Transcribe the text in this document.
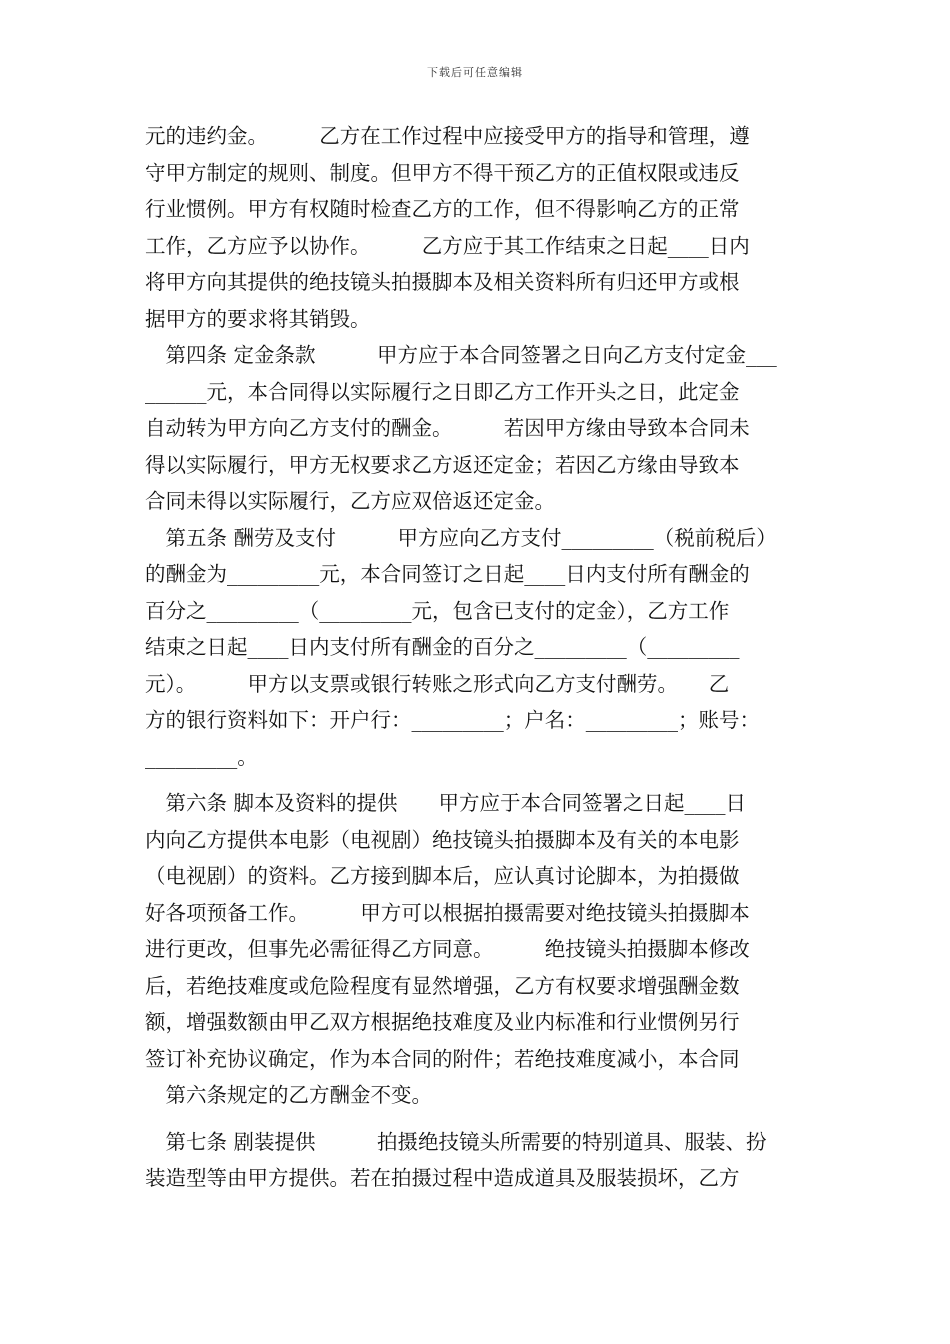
下载后可任意编辑
元的违约金。　　　乙方在工作过程中应接受甲方的指导和管理，遵
守甲方制定的规则、制度。但甲方不得干预乙方的正值权限或违反
行业惯例。甲方有权随时检查乙方的工作，但不得影响乙方的正常
工作，乙方应予以协作。　　　乙方应于其工作结束之日起____日内
将甲方向其提供的绝技镜头拍摄脚本及相关资料所有归还甲方或根
据甲方的要求将其销毁。
　第四条 定金条款　　　甲方应于本合同签署之日向乙方支付定金___
______元，本合同得以实际履行之日即乙方工作开头之日，此定金
自动转为甲方向乙方支付的酬金。　　　若因甲方缘由导致本合同未
得以实际履行，甲方无权要求乙方返还定金；若因乙方缘由导致本
合同未得以实际履行，乙方应双倍返还定金。
　第五条 酬劳及支付　　　甲方应向乙方支付_________（税前税后）
的酬金为_________元，本合同签订之日起____日内支付所有酬金的
百分之_________（_________元，包含已支付的定金），乙方工作
结束之日起____日内支付所有酬金的百分之_________（_________
元）。　　　甲方以支票或银行转账之形式向乙方支付酬劳。　　乙
方的银行资料如下：开户行：_________；户名：_________；账号：
_________。
　第六条 脚本及资料的提供　　甲方应于本合同签署之日起____日
内向乙方提供本电影（电视剧）绝技镜头拍摄脚本及有关的本电影
（电视剧）的资料。乙方接到脚本后，应认真讨论脚本，为拍摄做
好各项预备工作。　　　甲方可以根据拍摄需要对绝技镜头拍摄脚本
进行更改，但事先必需征得乙方同意。　　　绝技镜头拍摄脚本修改
后，若绝技难度或危险程度有显然增强，乙方有权要求增强酬金数
额，增强数额由甲乙双方根据绝技难度及业内标准和行业惯例另行
签订补充协议确定，作为本合同的附件；若绝技难度减小，本合同
　第六条规定的乙方酬金不变。
　第七条 剧装提供　　　拍摄绝技镜头所需要的特别道具、服装、扮
装造型等由甲方提供。若在拍摄过程中造成道具及服装损坏，乙方
